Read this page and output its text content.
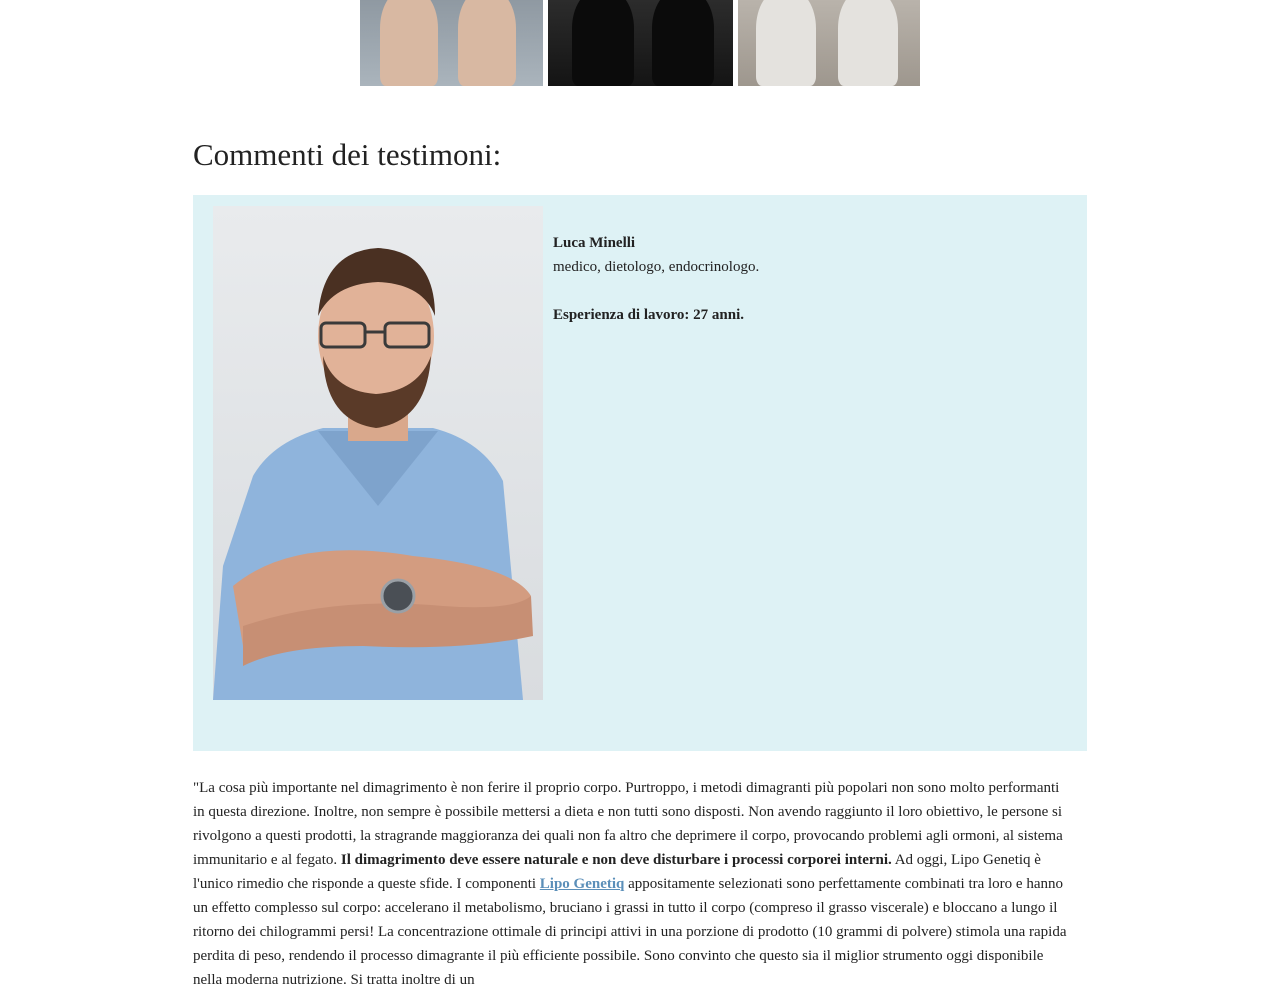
Commenti dei testimoni:
Luca Minelli
medico, dietologo, endocrinologo.
Esperienza di lavoro: 27 anni.

"La cosa più importante nel dimagrimento è non ferire il proprio corpo. Purtroppo, i metodi dimagranti più popolari non sono molto performanti in questa direzione. Inoltre, non sempre è possibile mettersi a dieta e non tutti sono disposti. Non avendo raggiunto il loro obiettivo, le persone si rivolgono a questi prodotti, la stragrande maggioranza dei quali non fa altro che deprimere il corpo, provocando problemi agli ormoni, al sistema immunitario e al fegato. Il dimagrimento deve essere naturale e non deve disturbare i processi corporei interni. Ad oggi, Lipo Genetiq è l'unico rimedio che risponde a queste sfide. I componenti Lipo Genetiq appositamente selezionati sono perfettamente combinati tra loro e hanno un effetto complesso sul corpo: accelerano il metabolismo, bruciano i grassi in tutto il corpo (compreso il grasso viscerale) e bloccano a lungo il ritorno dei chilogrammi persi! La concentrazione ottimale di principi attivi in una porzione di prodotto (10 grammi di polvere) stimola una rapida perdita di peso, rendendo il processo dimagrante il più efficiente possibile. Sono convinto che questo sia il miglior strumento oggi disponibile nella moderna nutrizione. Si tratta inoltre di un
